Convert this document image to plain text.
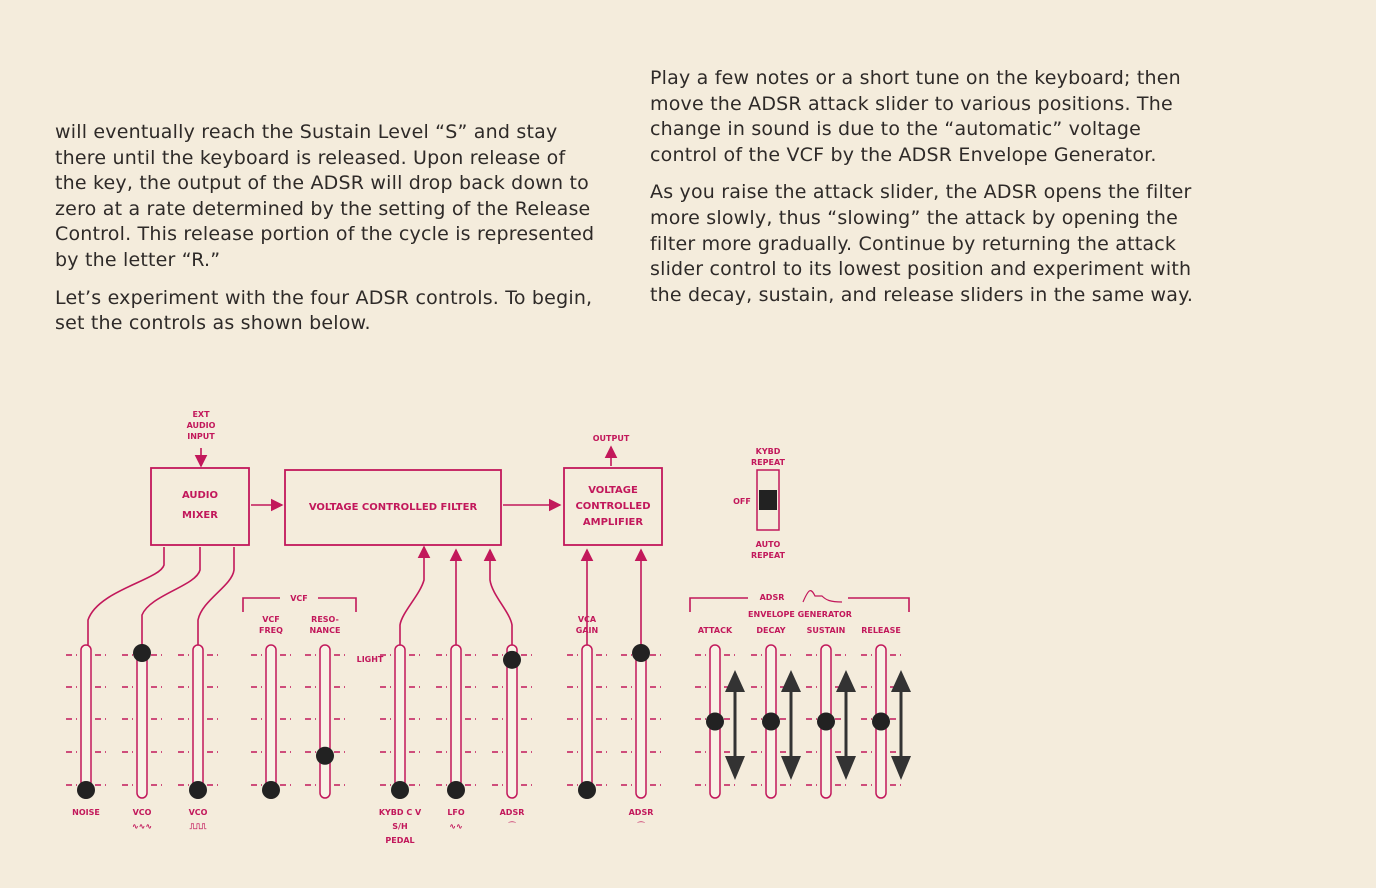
will eventually reach the Sustain Level “S” and stay there until the keyboard is released. Upon release of the key, the output of the ADSR will drop back down to zero at a rate determined by the setting of the Release Control. This release portion of the cycle is represented by the letter “R.”

Let’s experiment with the four ADSR controls. To begin, set the controls as shown below.

Play a few notes or a short tune on the keyboard; then move the ADSR attack slider to various positions. The change in sound is due to the “automatic” voltage control of the VCF by the ADSR Envelope Generator.

As you raise the attack slider, the ADSR opens the filter more slowly, thus “slowing” the attack by opening the filter more gradually. Continue by returning the attack slider control to its lowest position and experiment with the decay, sustain, and release sliders in the same way.

EXT
AUDIO
INPUT
AUDIO
MIXER
VOLTAGE CONTROLLED FILTER
VOLTAGE
CONTROLLED
AMPLIFIER
OUTPUT
KYBD
REPEAT
OFF
AUTO
REPEAT
VCF	ADSR
ENVELOPE GENERATOR
LIGHT
NOISE	VCO
∿∿∿
VCO
⎍⎍⎍
VCF
FREQ
RESO-
NANCE
KYBD C V
S/H
PEDAL
LFO
∿∿
ADSR
⁀
VCA
GAIN
ADSR
⁀
ATTACK	DECAY	SUSTAIN RELEASE
